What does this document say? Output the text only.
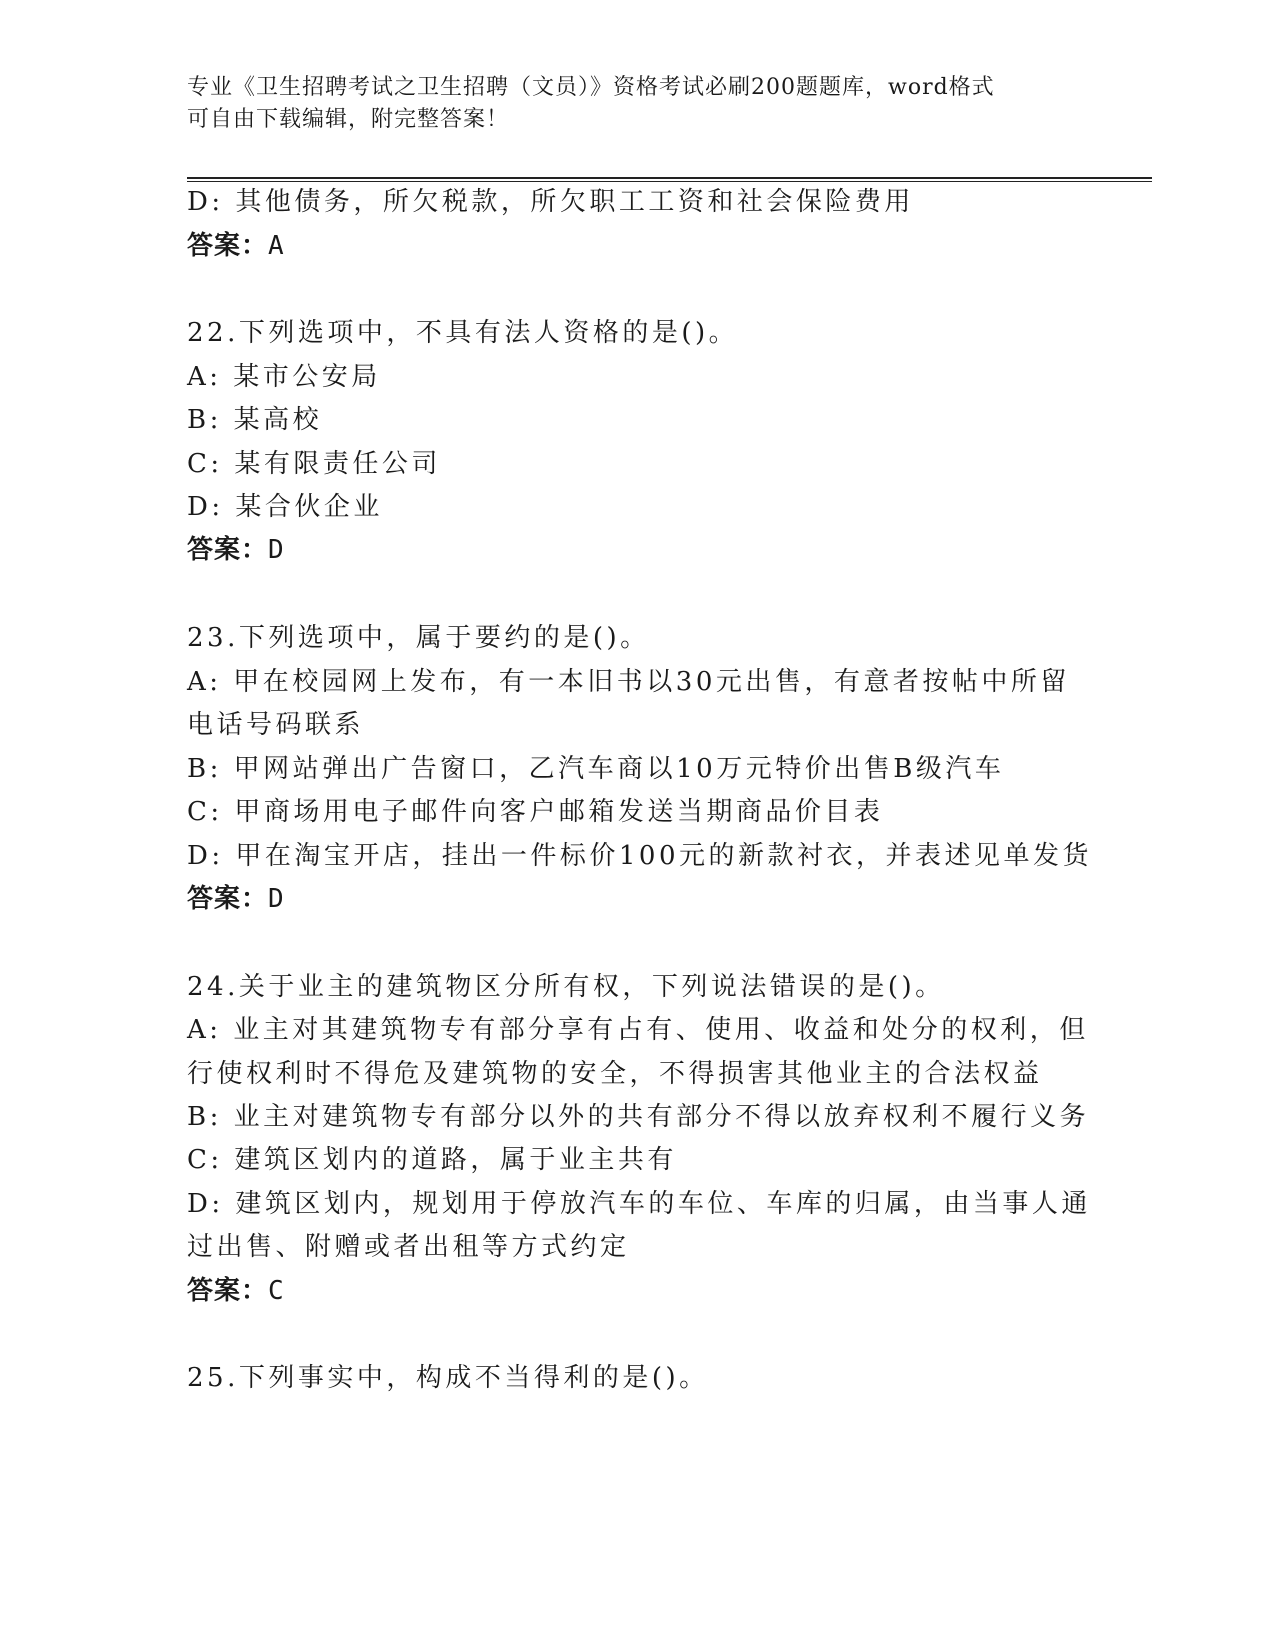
专业《卫生招聘考试之卫生招聘（文员）》资格考试必刷200题题库，word格式
可自由下载编辑，附完整答案！
D: 其他债务，所欠税款，所欠职工工资和社会保险费用
答案：A
22.下列选项中，不具有法人资格的是()。
A: 某市公安局
B: 某高校
C: 某有限责任公司
D: 某合伙企业
答案：D
23.下列选项中，属于要约的是()。
A: 甲在校园网上发布，有一本旧书以30元出售，有意者按帖中所留
电话号码联系
B: 甲网站弹出广告窗口，乙汽车商以10万元特价出售B级汽车
C: 甲商场用电子邮件向客户邮箱发送当期商品价目表
D: 甲在淘宝开店，挂出一件标价100元的新款衬衣，并表述见单发货
答案：D
24.关于业主的建筑物区分所有权，下列说法错误的是()。
A: 业主对其建筑物专有部分享有占有、使用、收益和处分的权利，但
行使权利时不得危及建筑物的安全，不得损害其他业主的合法权益
B: 业主对建筑物专有部分以外的共有部分不得以放弃权利不履行义务
C: 建筑区划内的道路，属于业主共有
D: 建筑区划内，规划用于停放汽车的车位、车库的归属，由当事人通
过出售、附赠或者出租等方式约定
答案：C
25.下列事实中，构成不当得利的是()。
